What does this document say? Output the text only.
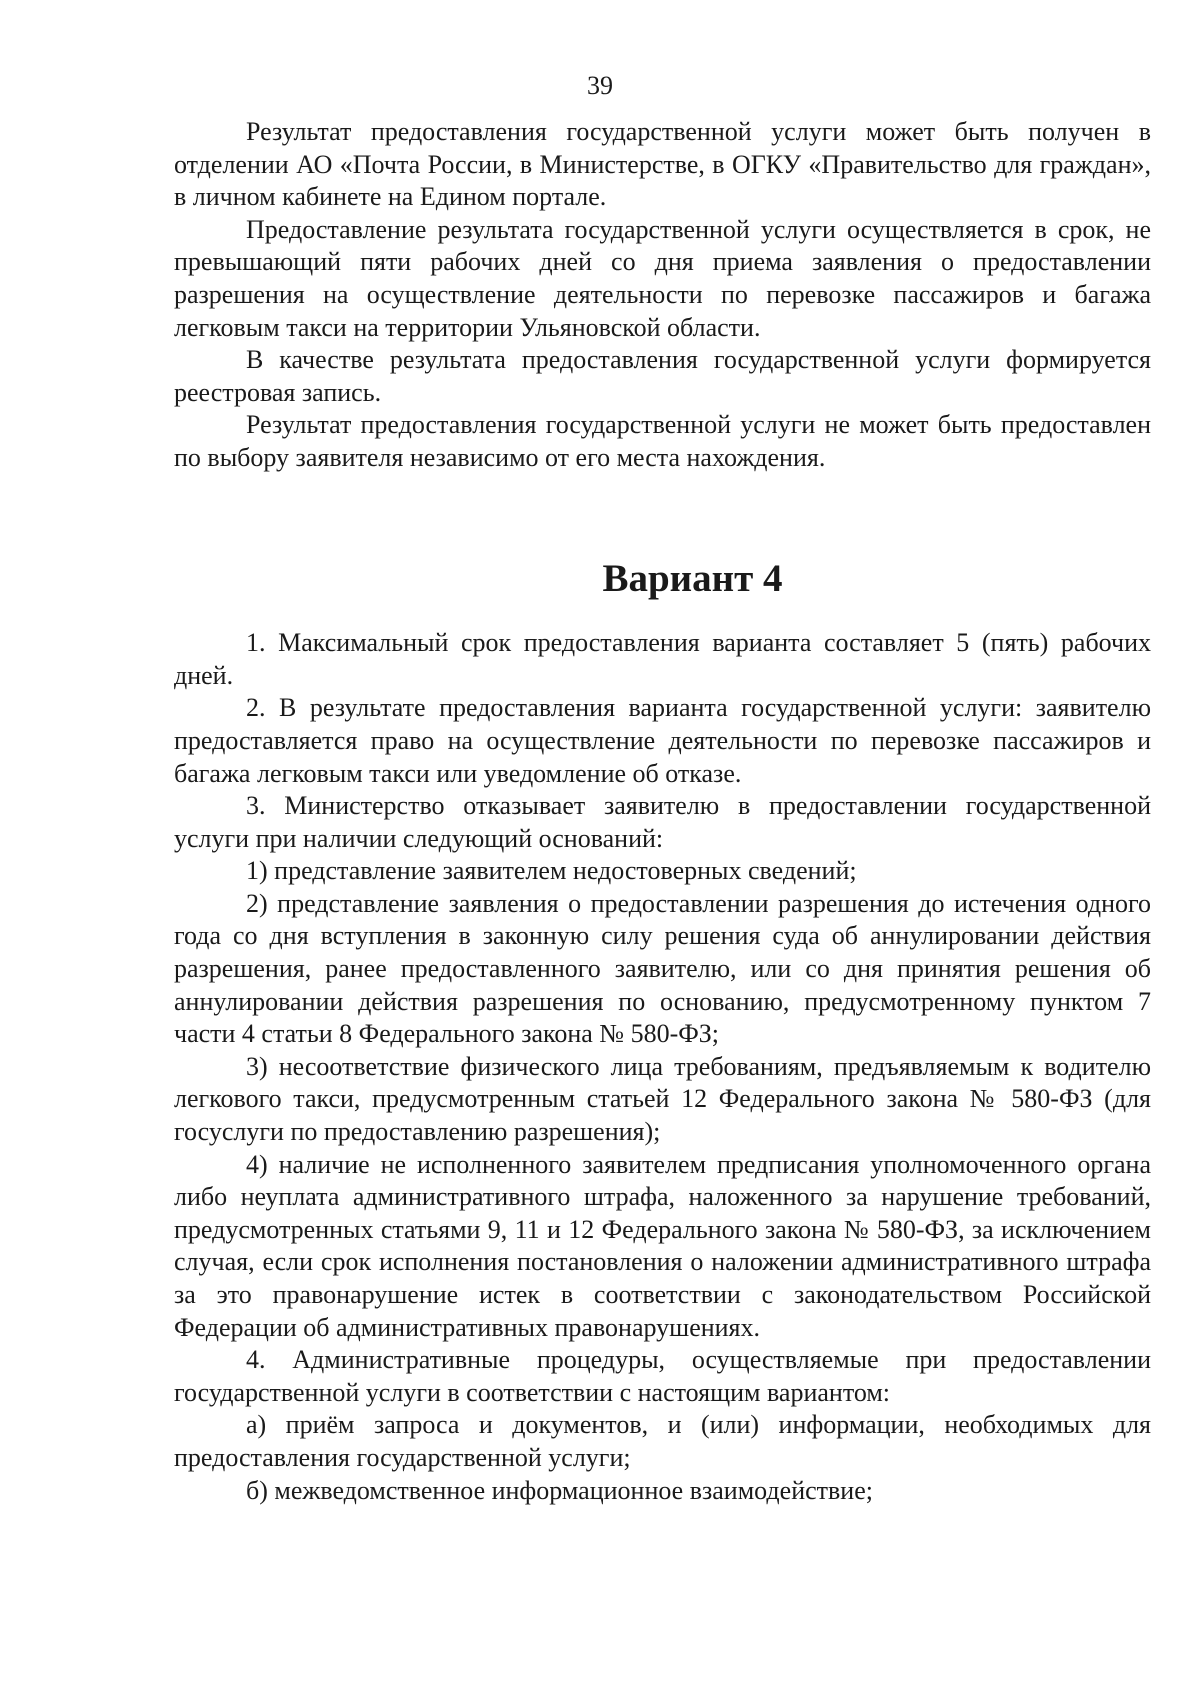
39

Результат предоставления государственной услуги может быть получен в отделении АО «Почта России, в Министерстве, в ОГКУ «Правительство для граждан», в личном кабинете на Едином портале.

Предоставление результата государственной услуги осуществляется в срок, не превышающий пяти рабочих дней со дня приема заявления о предоставлении разрешения на осуществление деятельности по перевозке пассажиров и багажа легковым такси на территории Ульяновской области.

В качестве результата предоставления государственной услуги формируется реестровая запись.

Результат предоставления государственной услуги не может быть предоставлен по выбору заявителя независимо от его места нахождения.

Вариант 4

1. Максимальный срок предоставления варианта составляет 5 (пять) рабочих дней.

2. В результате предоставления варианта государственной услуги: заявителю предоставляется право на осуществление деятельности по перевозке пассажиров и багажа легковым такси или уведомление об отказе.

3. Министерство отказывает заявителю в предоставлении государственной услуги при наличии следующий оснований:

1) представление заявителем недостоверных сведений;

2) представление заявления о предоставлении разрешения до истечения одного года со дня вступления в законную силу решения суда об аннулировании действия разрешения, ранее предоставленного заявителю, или со дня принятия решения об аннулировании действия разрешения по основанию, предусмотренному пунктом 7 части 4 статьи 8 Федерального закона № 580-ФЗ;

3) несоответствие физического лица требованиям, предъявляемым к водителю легкового такси, предусмотренным статьей 12 Федерального закона № 580-ФЗ (для госуслуги по предоставлению разрешения);

4) наличие не исполненного заявителем предписания уполномоченного органа либо неуплата административного штрафа, наложенного за нарушение требований, предусмотренных статьями 9, 11 и 12 Федерального закона № 580-ФЗ, за исключением случая, если срок исполнения постановления о наложении административного штрафа за это правонарушение истек в соответствии с законодательством Российской Федерации об административных правонарушениях.

4. Административные процедуры, осуществляемые при предоставлении государственной услуги в соответствии с настоящим вариантом:

а) приём запроса и документов, и (или) информации, необходимых для предоставления государственной услуги;

б) межведомственное информационное взаимодействие;
